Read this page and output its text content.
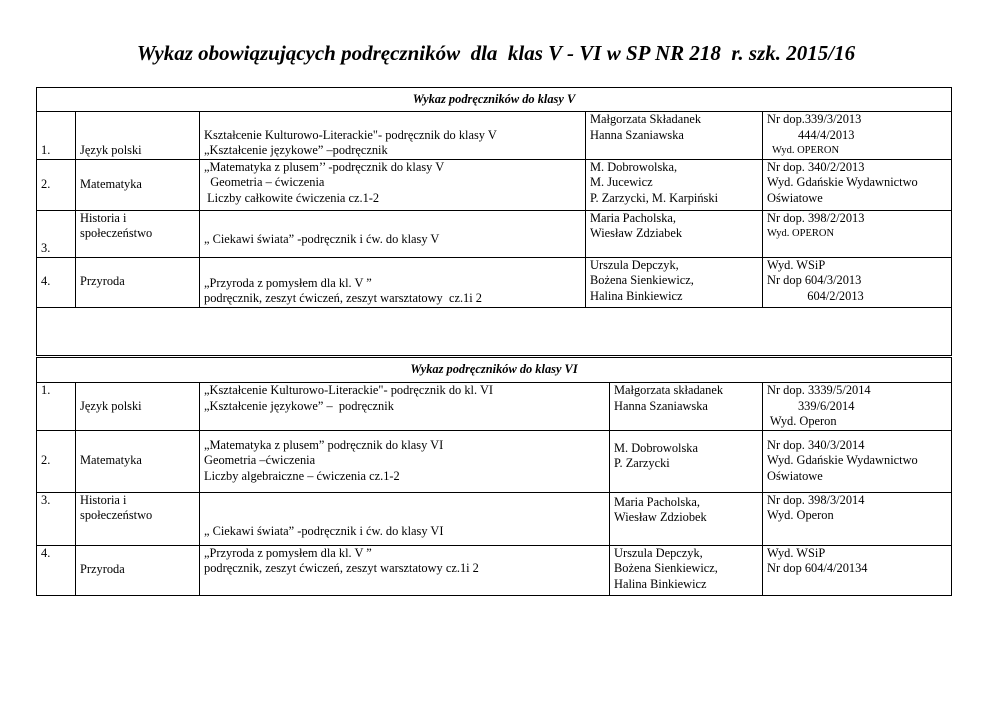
Wykaz obowiązujących podręczników  dla  klas V - VI w SP NR 218  r. szk. 2015/16
Wykaz podręczników do klasy V				
1.	Język polski	Kształcenie Kulturowo-Literackie"- podręcznik do klasy V
„Kształcenie językowe” –podręcznik	Małgorzata Składanek
Hanna Szaniawska	Nr dop.339/3/2013
444/4/2013
Wyd. OPERON

2.	Matematyka	„Matematyka z plusem’’ -podręcznik do klasy V
Geometria – ćwiczenia
Liczby całkowite ćwiczenia cz.1-2	M. Dobrowolska,
M. Jucewicz
P. Zarzycki, M. Karpiński	Nr dop. 340/2/2013
Wyd. Gdańskie Wydawnictwo
Oświatowe

3.	Historia i
społeczeństwo	„ Ciekawi świata” -podręcznik i ćw. do klasy V	Maria Pacholska,
Wiesław Zdziabek	Nr dop. 398/2/2013
Wyd. OPERON

4.	Przyroda	„Przyroda z pomysłem dla kl. V ”
podręcznik, zeszyt ćwiczeń, zeszyt warsztatowy  cz.1i 2	Urszula Depczyk,
Bożena Sienkiewicz,
Halina Binkiewicz	Wyd. WSiP
Nr dop 604/3/2013
604/2/2013

Wykaz podręczników do klasy VI				
1.	Język polski	„Kształcenie Kulturowo-Literackie"- podręcznik do kl. VI
„Kształcenie językowe” –  podręcznik	Małgorzata składanek
Hanna Szaniawska	Nr dop. 3339/5/2014
339/6/2014
Wyd. Operon

2.	Matematyka	„Matematyka z plusem” podręcznik do klasy VI
Geometria –ćwiczenia
Liczby algebraiczne – ćwiczenia cz.1-2	M. Dobrowolska
P. Zarzycki	Nr dop. 340/3/2014
Wyd. Gdańskie Wydawnictwo
Oświatowe

3.	Historia i
społeczeństwo	„ Ciekawi świata” -podręcznik i ćw. do klasy VI	Maria Pacholska,
Wiesław Zdziobek	Nr dop. 398/3/2014
Wyd. Operon

4.	Przyroda	„Przyroda z pomysłem dla kl. V ”
podręcznik, zeszyt ćwiczeń, zeszyt warsztatowy cz.1i 2	Urszula Depczyk,
Bożena Sienkiewicz,
Halina Binkiewicz	Wyd. WSiP
Nr dop 604/4/20134
